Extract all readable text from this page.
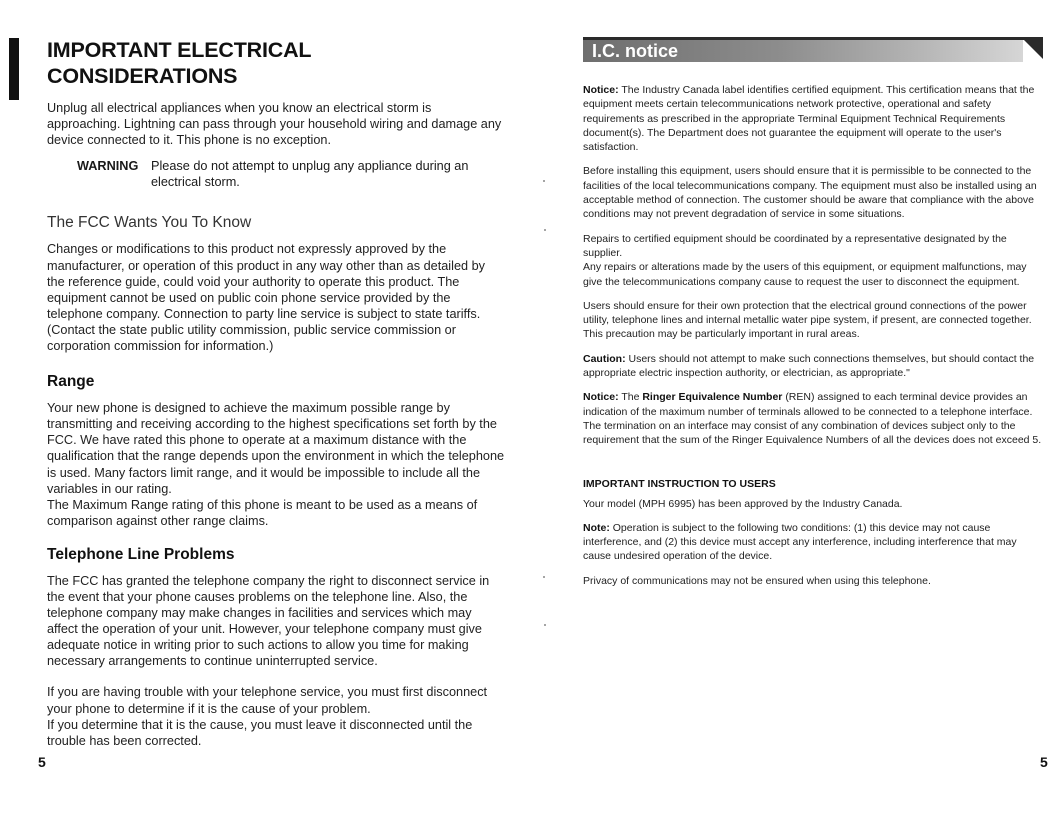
IMPORTANT ELECTRICAL CONSIDERATIONS

Unplug all electrical appliances when you know an electrical storm is approaching. Lightning can pass through your household wiring and damage any device connected to it. This phone is no exception.

WARNING Please do not attempt to unplug any appliance during an electrical storm.
The FCC Wants You To Know

Changes or modifications to this product not expressly approved by the manufacturer, or operation of this product in any way other than as detailed by the reference guide, could void your authority to operate this product. The equipment cannot be used on public coin phone service provided by the telephone company. Connection to party line service is subject to state tariffs. (Contact the state public utility commission, public service commission or corporation commission for information.)

Range

Your new phone is designed to achieve the maximum possible range by transmitting and receiving according to the highest specifications set forth by the FCC. We have rated this phone to operate at a maximum distance with the qualification that the range depends upon the environment in which the telephone is used. Many factors limit range, and it would be impossible to include all the variables in our rating.

The Maximum Range rating of this phone is meant to be used as a means of comparison against other range claims.

Telephone Line Problems

The FCC has granted the telephone company the right to disconnect service in the event that your phone causes problems on the telephone line. Also, the telephone company may make changes in facilities and services which may affect the operation of your unit. However, your telephone company must give adequate notice in writing prior to such actions to allow you time for making necessary arrangements to continue uninterrupted service.

If you are having trouble with your telephone service, you must first disconnect your phone to determine if it is the cause of your problem.

If you determine that it is the cause, you must leave it disconnected until the trouble has been corrected.

5
I.C. notice

Notice: The Industry Canada label identifies certified equipment. This certification means that the equipment meets certain telecommunications network protective, operational and safety requirements as prescribed in the appropriate Terminal Equipment Technical Requirements document(s). The Department does not guarantee the equipment will operate to the user's satisfaction.

Before installing this equipment, users should ensure that it is permissible to be connected to the facilities of the local telecommunications company. The equipment must also be installed using an acceptable method of connection. The customer should be aware that compliance with the above conditions may not prevent degradation of service in some situations.

Repairs to certified equipment should be coordinated by a representative designated by the supplier.
Any repairs or alterations made by the users of this equipment, or equipment malfunctions, may give the telecommunications company cause to request the user to disconnect the equipment.

Users should ensure for their own protection that the electrical ground connections of the power utility, telephone lines and internal metallic water pipe system, if present, are connected together.
This precaution may be particularly important in rural areas.

Caution: Users should not attempt to make such connections themselves, but should contact the appropriate electric inspection authority, or electrician, as appropriate."

Notice: The Ringer Equivalence Number (REN) assigned to each terminal device provides an indication of the maximum number of terminals allowed to be connected to a telephone interface.
The termination on an interface may consist of any combination of devices subject only to the requirement that the sum of the Ringer Equivalence Numbers of all the devices does not exceed 5.

IMPORTANT INSTRUCTION TO USERS

Your model (MPH 6995) has been approved by the Industry Canada.

Note: Operation is subject to the following two conditions: (1) this device may not cause interference, and (2) this device must accept any interference, including interference that may cause undesired operation of the device.

Privacy of communications may not be ensured when using this telephone.

5
